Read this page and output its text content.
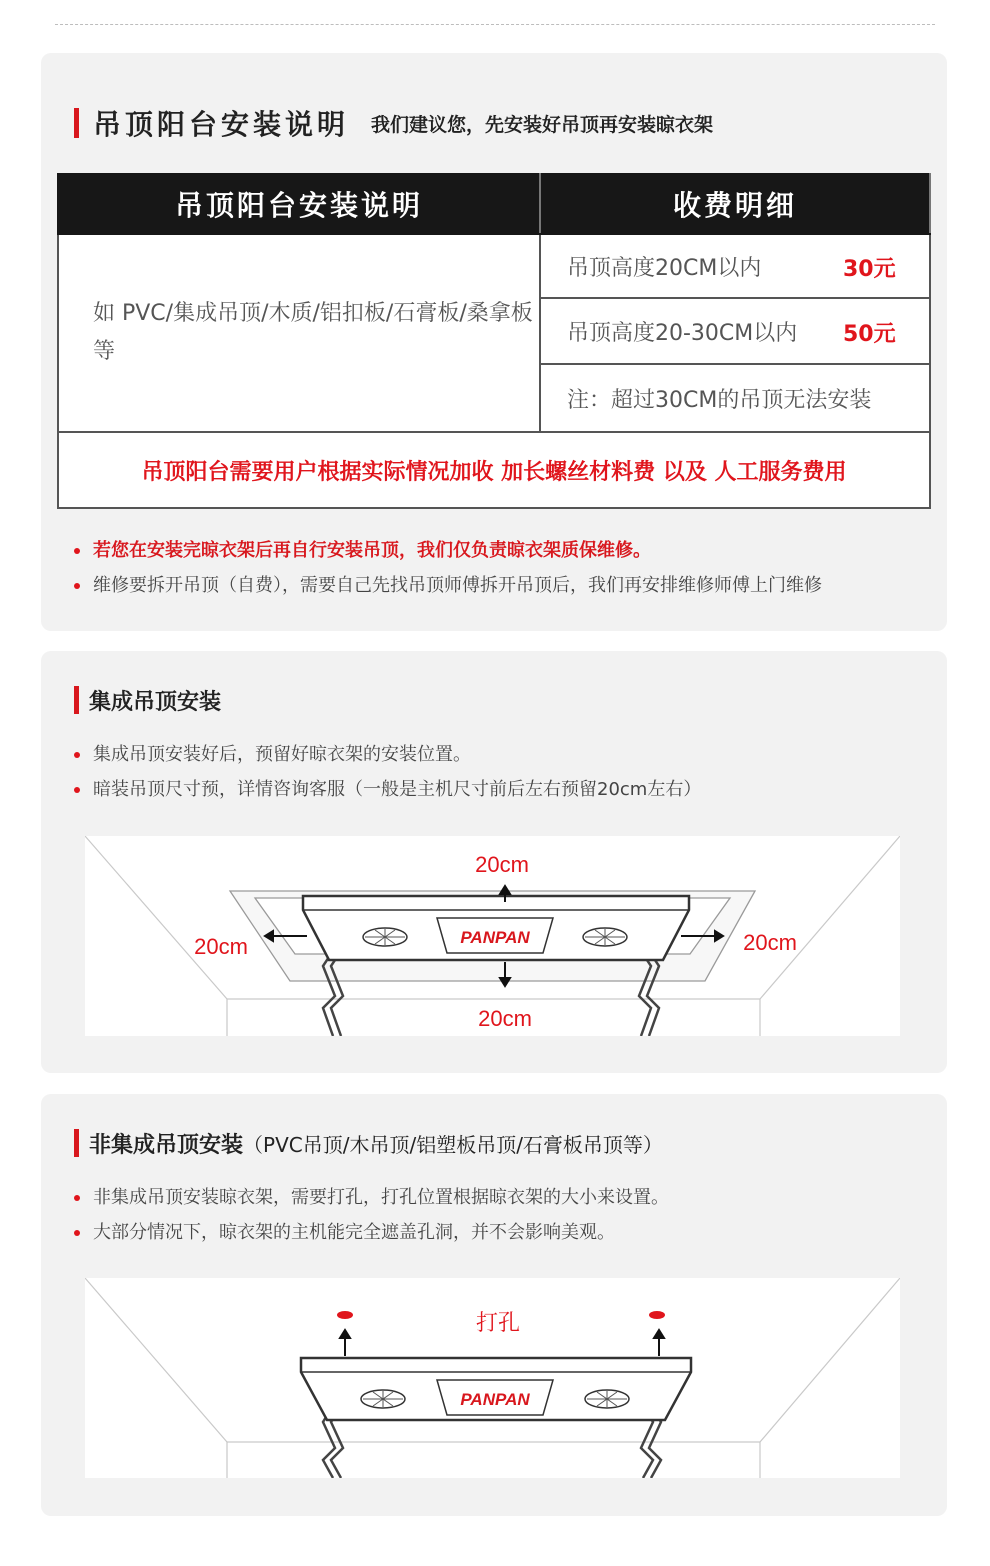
吊顶阳台安装说明 我们建议您，先安装好吊顶再安装晾衣架
吊顶阳台安装说明	收费明细
如 PVC/集成吊顶/木质/铝扣板/石膏板/桑拿板等	吊顶高度20CM以内 30元

	吊顶高度20-30CM以内 50元

	注：超过30CM的吊顶无法安装
吊顶阳台需要用户根据实际情况加收 加长螺丝材料费 以及 人工服务费用	
若您在安装完晾衣架后再自行安装吊顶，我们仅负责晾衣架质保维修。
维修要拆开吊顶（自费），需要自己先找吊顶师傅拆开吊顶后，我们再安排维修师傅上门维修
集成吊顶安装
集成吊顶安装好后，预留好晾衣架的安装位置。
暗装吊顶尺寸预，详情咨询客服（一般是主机尺寸前后左右预留20cm左右）
PANPAN
20cm
20cm	20cm
20cm
非集成吊顶安装 （PVC吊顶/木吊顶/铝塑板吊顶/石膏板吊顶等）
非集成吊顶安装晾衣架，需要打孔，打孔位置根据晾衣架的大小来设置。
大部分情况下，晾衣架的主机能完全遮盖孔洞，并不会影响美观。
PANPAN
打孔
